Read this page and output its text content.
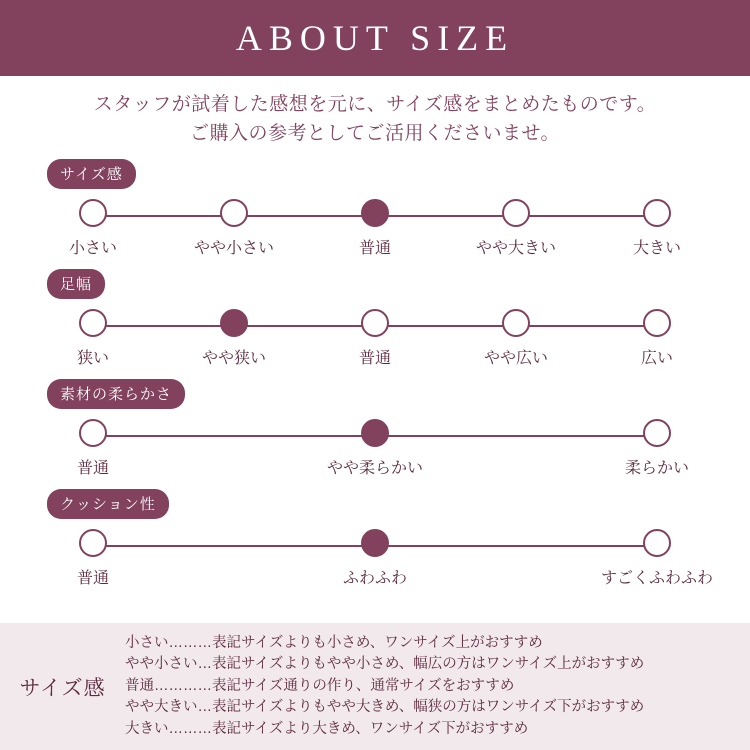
ABOUT SIZE
スタッフが試着した感想を元に、サイズ感をまとめたものです。
ご購入の参考としてご活用くださいませ。
サイズ感
小さい	やや小さい	普通	やや大きい	大きい
足幅
狭い	やや狭い	普通	やや広い	広い
素材の柔らかさ
普通	やや柔らかい	柔らかい
クッション性
普通	ふわふわ	すごくふわふわ
サイズ感
小さい………表記サイズよりも小さめ、ワンサイズ上がおすすめ
やや小さい…表記サイズよりもやや小さめ、幅広の方はワンサイズ上がおすすめ
普通…………表記サイズ通りの作り、通常サイズをおすすめ
やや大きい…表記サイズよりもやや大きめ、幅狭の方はワンサイズ下がおすすめ
大きい………表記サイズより大きめ、ワンサイズ下がおすすめ
